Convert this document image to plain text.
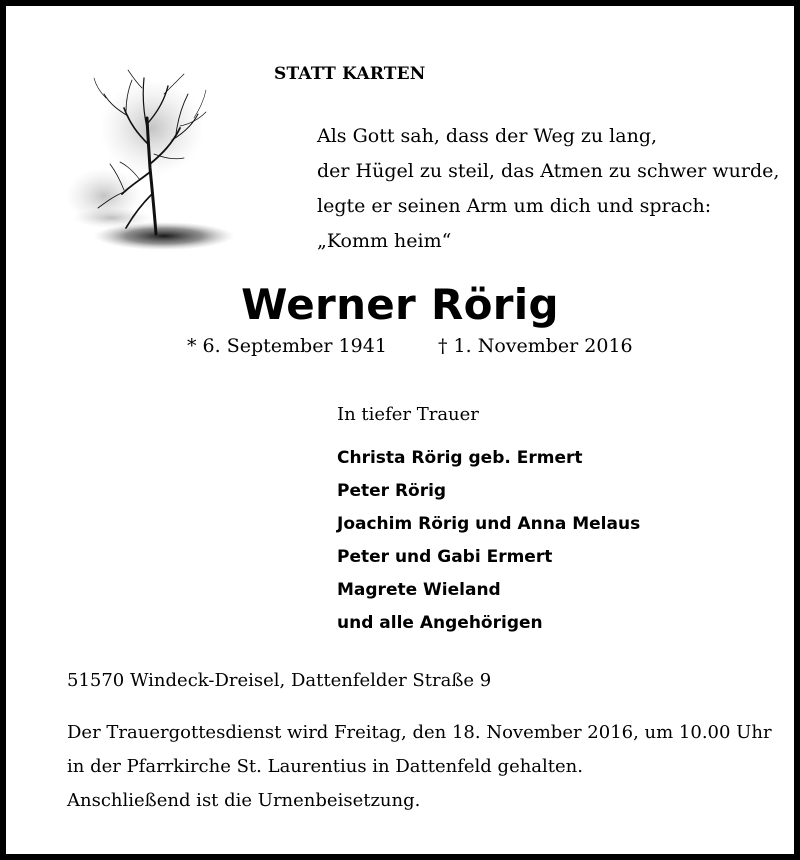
STATT KARTEN
Als Gott sah, dass der Weg zu lang,
der Hügel zu steil, das Atmen zu schwer wurde,
legte er seinen Arm um dich und sprach:
„Komm heim“
Werner Rörig
* 6. September 1941	† 1. November 2016
In tiefer Trauer
Christa Rörig geb. Ermert
Peter Rörig
Joachim Rörig und Anna Melaus
Peter und Gabi Ermert
Magrete Wieland
und alle Angehörigen
51570 Windeck-Dreisel, Dattenfelder Straße 9
Der Trauergottesdienst wird Freitag, den 18. November 2016, um 10.00 Uhr
in der Pfarrkirche St. Laurentius in Dattenfeld gehalten.
Anschließend ist die Urnenbeisetzung.
